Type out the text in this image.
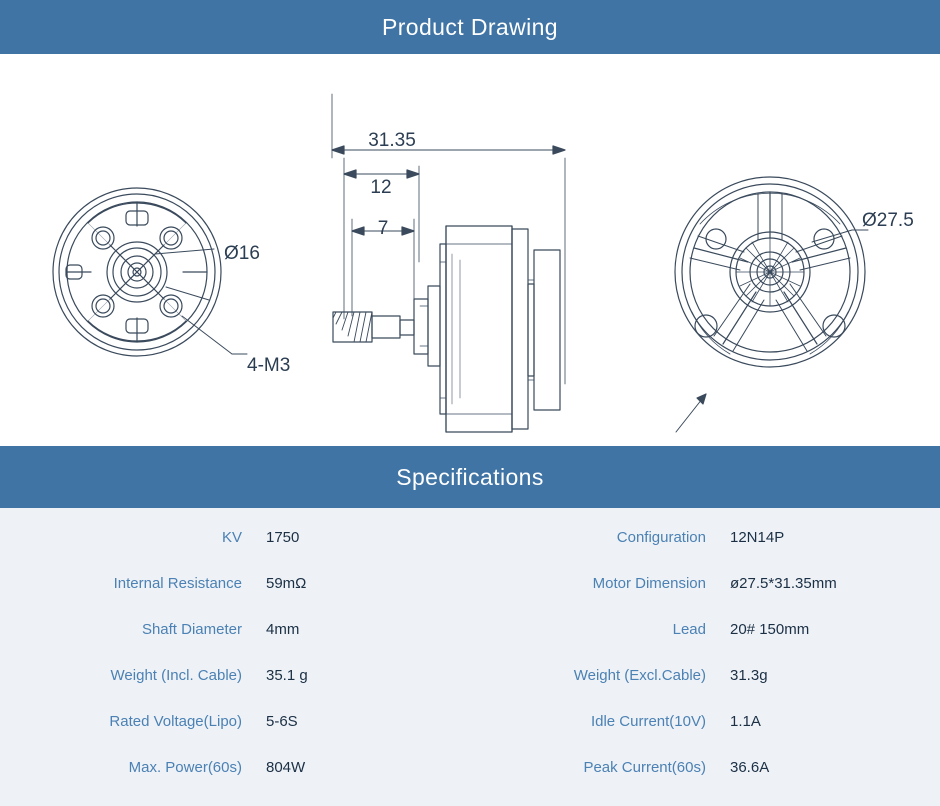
Product Drawing
Ø16
4-M3
31.35
12
7	Ø27.5
Specifications
KV	1750	Configuration	12N14P
Internal Resistance	59mΩ	Motor Dimension	ø27.5*31.35mm
Shaft Diameter	4mm	Lead	20# 150mm
Weight (Incl. Cable)	35.1 g	Weight (Excl.Cable)	31.3g
Rated Voltage(Lipo)	5-6S	Idle Current(10V)	1.1A
Max. Power(60s)	804W	Peak Current(60s)	36.6A
